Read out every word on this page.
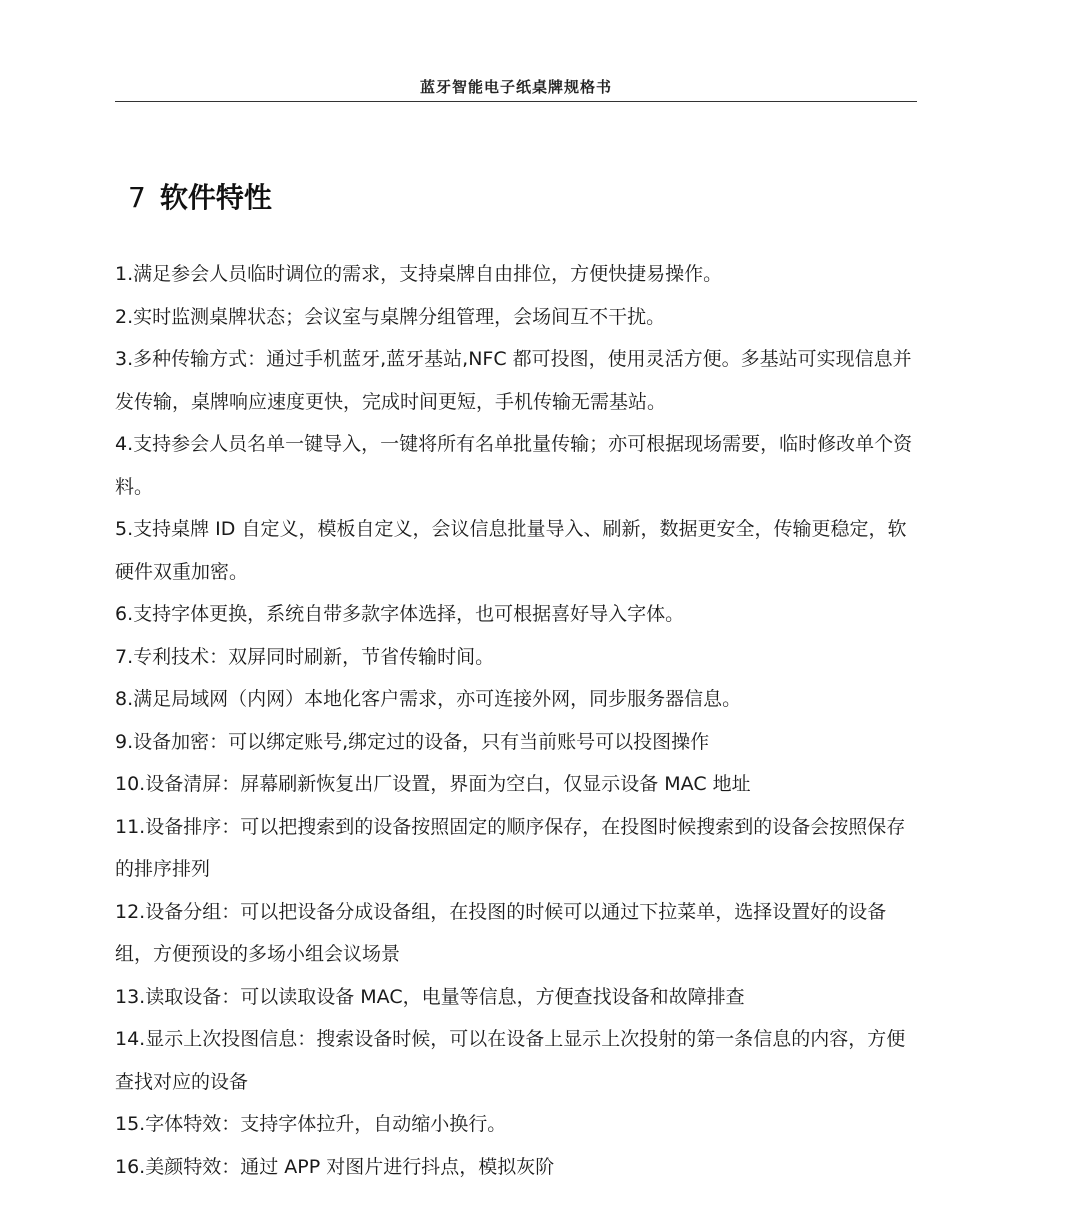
蓝牙智能电子纸桌牌规格书
7 软件特性
1.满足参会人员临时调位的需求，支持桌牌自由排位，方便快捷易操作。
2.实时监测桌牌状态；会议室与桌牌分组管理，会场间互不干扰。
3.多种传输方式：通过手机蓝牙,蓝牙基站,NFC 都可投图，使用灵活方便。多基站可实现信息并发传输，桌牌响应速度更快，完成时间更短，手机传输无需基站。
4.支持参会人员名单一键导入，一键将所有名单批量传输；亦可根据现场需要，临时修改单个资料。
5.支持桌牌 ID 自定义，模板自定义，会议信息批量导入、刷新，数据更安全，传输更稳定，软硬件双重加密。
6.支持字体更换，系统自带多款字体选择，也可根据喜好导入字体。
7.专利技术：双屏同时刷新，节省传输时间。
8.满足局域网（内网）本地化客户需求，亦可连接外网，同步服务器信息。
9.设备加密：可以绑定账号,绑定过的设备，只有当前账号可以投图操作
10.设备清屏：屏幕刷新恢复出厂设置，界面为空白，仅显示设备 MAC 地址
11.设备排序：可以把搜索到的设备按照固定的顺序保存，在投图时候搜索到的设备会按照保存的排序排列
12.设备分组：可以把设备分成设备组，在投图的时候可以通过下拉菜单，选择设置好的设备组，方便预设的多场小组会议场景
13.读取设备：可以读取设备 MAC，电量等信息，方便查找设备和故障排查
14.显示上次投图信息：搜索设备时候，可以在设备上显示上次投射的第一条信息的内容，方便查找对应的设备
15.字体特效：支持字体拉升，自动缩小换行。
16.美颜特效：通过 APP 对图片进行抖点，模拟灰阶
